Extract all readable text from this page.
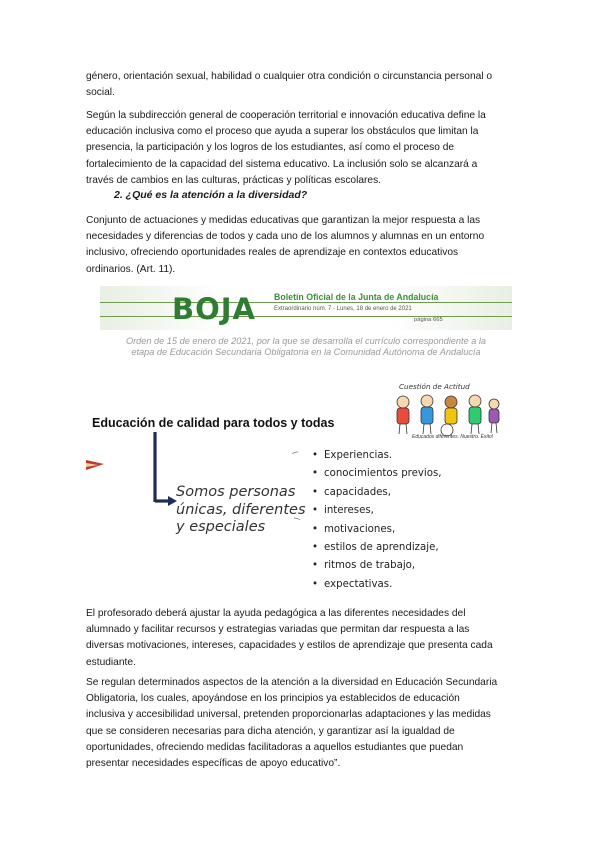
género, orientación sexual, habilidad o cualquier otra condición o circunstancia personal o
social.
Según la subdirección general de cooperación territorial e innovación educativa define la
educación inclusiva como el proceso que ayuda a superar los obstáculos que limitan la
presencia, la participación y los logros de los estudiantes, así como el proceso de
fortalecimiento de la capacidad del sistema educativo. La inclusión solo se alcanzará a
través de cambios en las culturas, prácticas y políticas escolares.
2. ¿Qué es la atención a la diversidad?
Conjunto de actuaciones y medidas educativas que garantizan la mejor respuesta a las
necesidades y diferencias de todos y cada uno de los alumnos y alumnas en un entorno
inclusivo, ofreciendo oportunidades reales de aprendizaje en contextos educativos
ordinarios. (Art. 11).
BOJA Boletín Oficial de la Junta de Andalucía
Extraordinario núm. 7 - Lunes, 18 de enero de 2021
página 665
Orden de 15 de enero de 2021, por la que se desarrolla el currículo correspondiente a la
etapa de Educación Secundaria Obligatoria en la Comunidad Autónoma de Andalucía
Cuestión de Actitud
Educados diferentes. Nuestro. Éxito!
Educación de calidad para todos y todas
Somos personas
únicas, diferentes
y especiales
• Experiencias.
• conocimientos previos,
• capacidades,
• intereses,
• motivaciones,
• estilos de aprendizaje,
• ritmos de trabajo,
• expectativas.
El profesorado deberá ajustar la ayuda pedagógica a las diferentes necesidades del
alumnado y facilitar recursos y estrategias variadas que permitan dar respuesta a las
diversas motivaciones, intereses, capacidades y estilos de aprendizaje que presenta cada
estudiante.
Se regulan determinados aspectos de la atención a la diversidad en Educación Secundaria
Obligatoria, los cuales, apoyándose en los principios ya establecidos de educación
inclusiva y accesibilidad universal, pretenden proporcionarlas adaptaciones y las medidas
que se consideren necesarias para dicha atención, y garantizar así la igualdad de
oportunidades, ofreciendo medidas facilitadoras a aquellos estudiantes que puedan
presentar necesidades específicas de apoyo educativo”.
